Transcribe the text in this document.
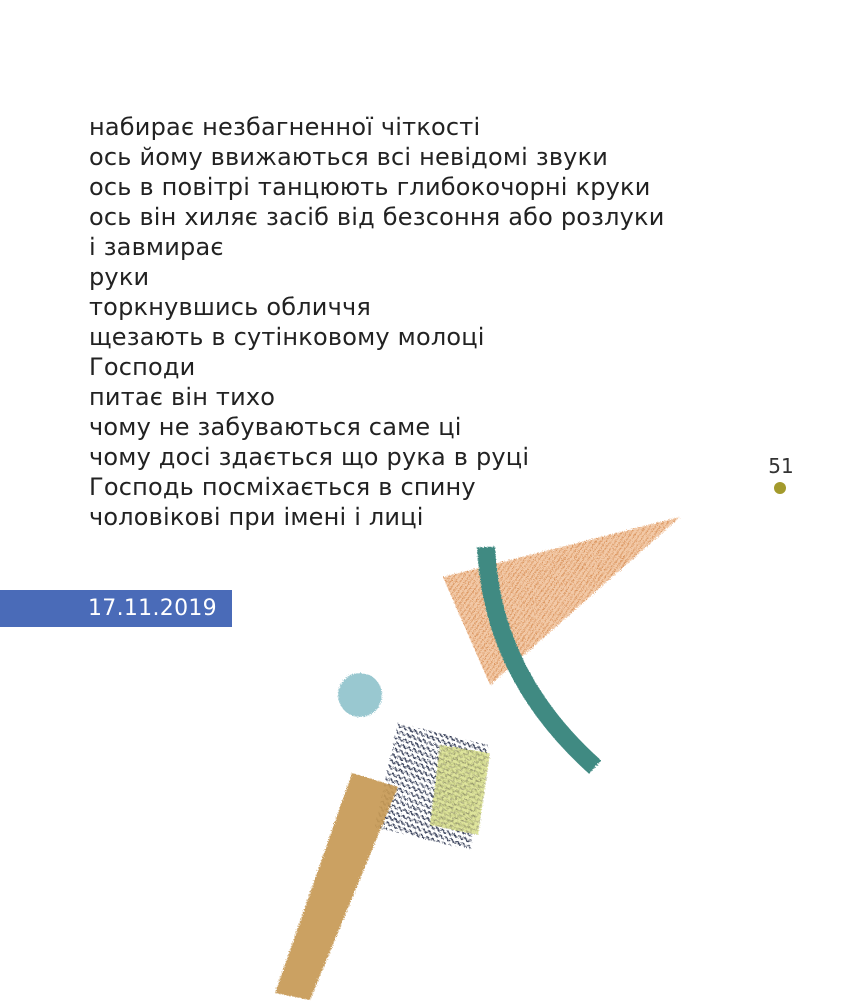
набирає незбагненної чіткості
ось йому ввижаються всі невідомі звуки
ось в повітрі танцюють глибокочорні круки
ось він хиляє засіб від безсоння або розлуки
і завмирає
руки
торкнувшись обличчя
щезають в сутінковому молоці
Господи
питає він тихо
чому не забуваються саме ці
чому досі здається що рука в руці
Господь посміхається в спину
чоловікові при імені і лиці
51
17.11.2019
